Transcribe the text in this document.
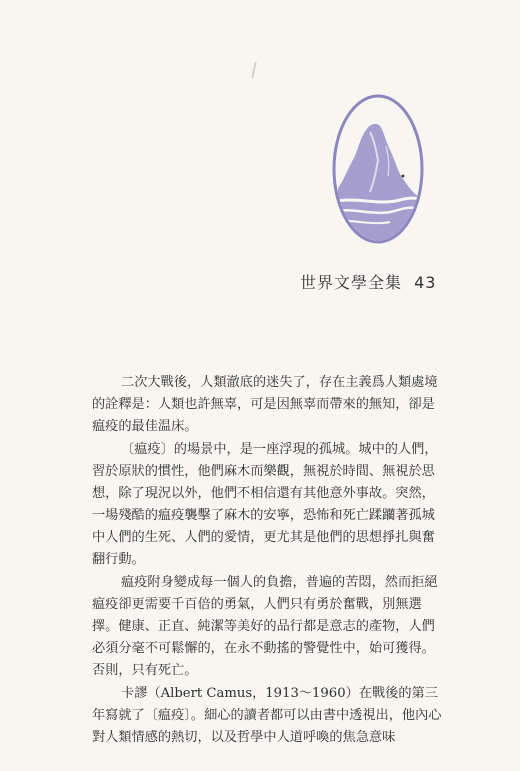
世界文學全集 43

二次大戰後，人類澈底的迷失了，存在主義爲人類處境的詮釋是：人類也許無辜，可是因無辜而帶來的無知，卻是瘟疫的最佳温床。

〔瘟疫〕的場景中，是一座浮現的孤城。城中的人們，習於原狀的慣性，他們麻木而樂觀，無視於時間、無視於思想，除了現況以外，他們不相信還有其他意外事故。突然，一場殘酷的瘟疫襲擊了麻木的安寧，恐怖和死亡蹂躪著孤城中人們的生死、人們的愛情，更尤其是他們的思想掙扎與奮翻行動。

瘟疫附身變成每一個人的負擔，普遍的苦悶，然而拒絕瘟疫卻更需要千百倍的勇氣，人們只有勇於奮戰，別無選擇。健康、正直、純潔等美好的品行都是意志的產物，人們必須分毫不可鬆懈的，在永不動搖的警覺性中，始可獲得。否則，只有死亡。

卡謬（Albert Camus，1913～1960）在戰後的第三年寫就了〔瘟疫〕。細心的讀者都可以由書中透視出，他內心對人類情感的熱切，以及哲學中人道呼喚的焦急意味
